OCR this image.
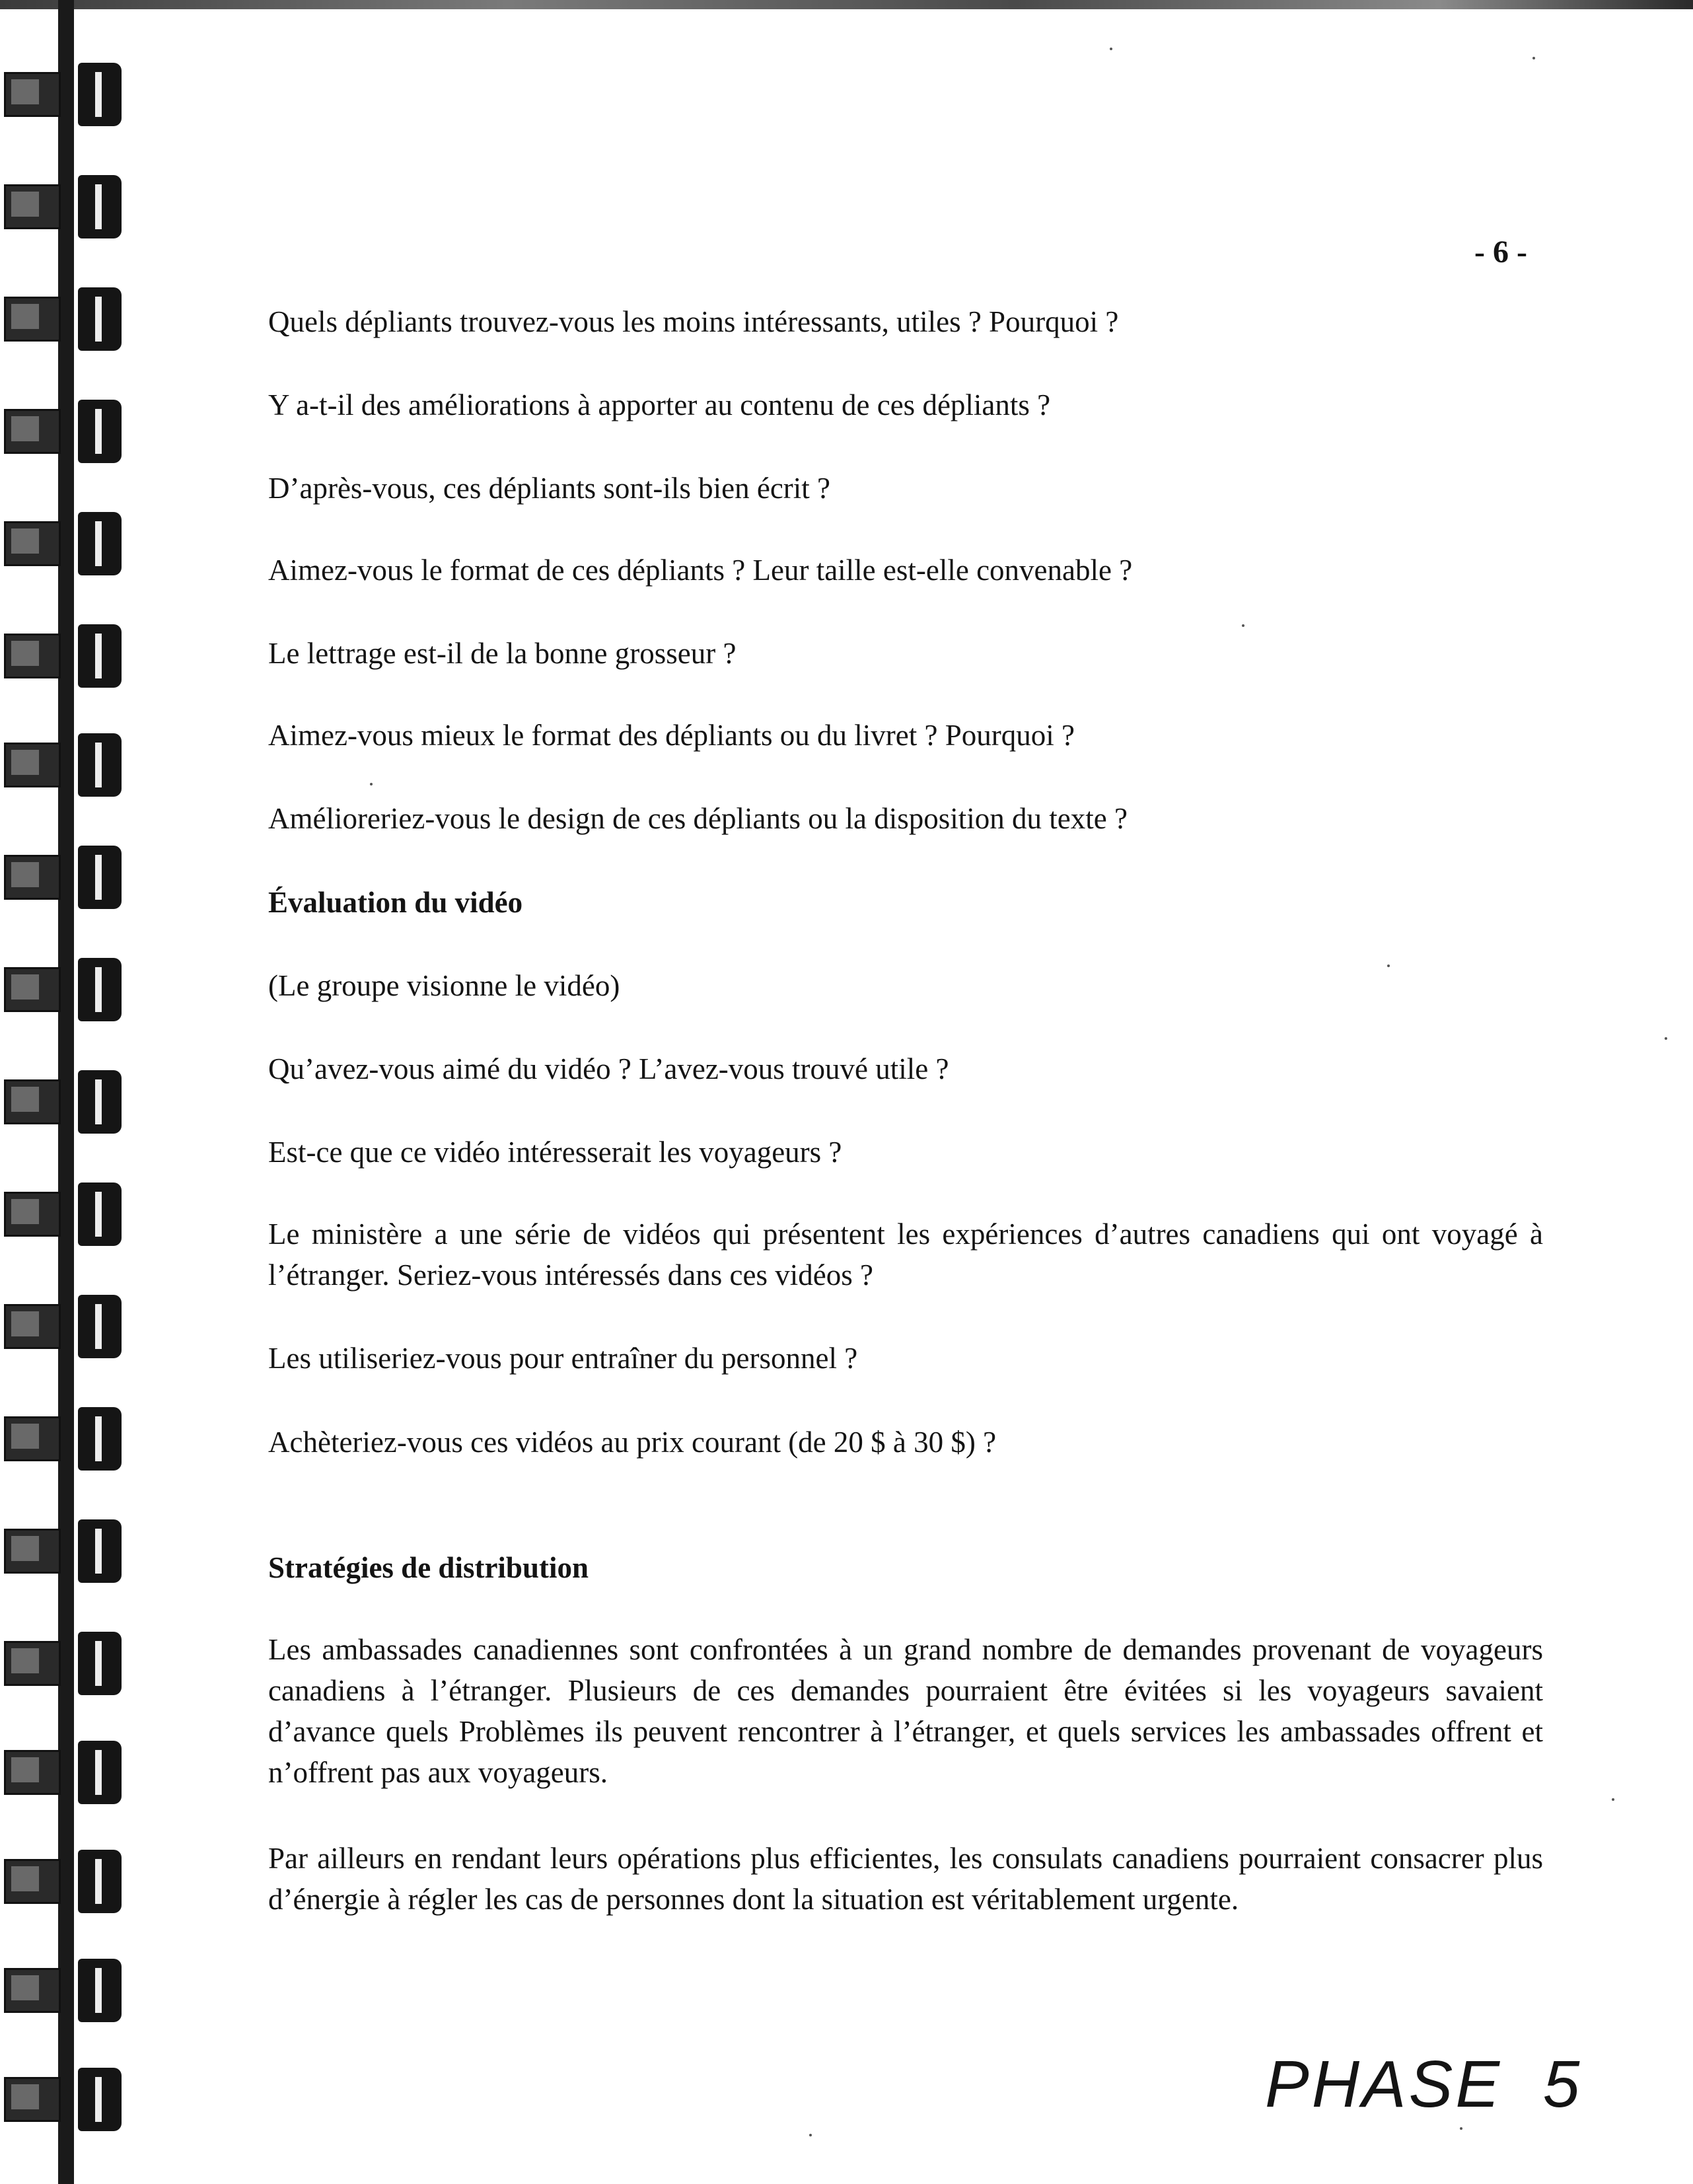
- 6 -

Quels dépliants trouvez-vous les moins intéressants, utiles ? Pourquoi ?

Y a-t-il des améliorations à apporter au contenu de ces dépliants ?

D’après-vous, ces dépliants sont-ils bien écrit ?

Aimez-vous le format de ces dépliants ? Leur taille est-elle convenable ?

Le lettrage est-il de la bonne grosseur ?

Aimez-vous mieux le format des dépliants ou du livret ? Pourquoi ?

Amélioreriez-vous le design de ces dépliants ou la disposition du texte ?

Évaluation du vidéo

(Le groupe visionne le vidéo)

Qu’avez-vous aimé du vidéo ? L’avez-vous trouvé utile ?

Est-ce que ce vidéo intéresserait les voyageurs ?

Le ministère a une série de vidéos qui présentent les expériences d’autres canadiens qui ont voyagé à l’étranger. Seriez-vous intéressés dans ces vidéos ?

Les utiliseriez-vous pour entraîner du personnel ?

Achèteriez-vous ces vidéos au prix courant (de 20 $ à 30 $) ?

Stratégies de distribution

Les ambassades canadiennes sont confrontées à un grand nombre de demandes provenant de voyageurs canadiens à l’étranger. Plusieurs de ces demandes pourraient être évitées si les voyageurs savaient d’avance quels Problèmes ils peuvent rencontrer à l’étranger, et quels services les ambassades offrent et n’offrent pas aux voyageurs.

Par ailleurs en rendant leurs opérations plus efficientes, les consulats canadiens pourraient consacrer plus d’énergie à régler les cas de personnes dont la situation est véritablement urgente.

PHASE 5
